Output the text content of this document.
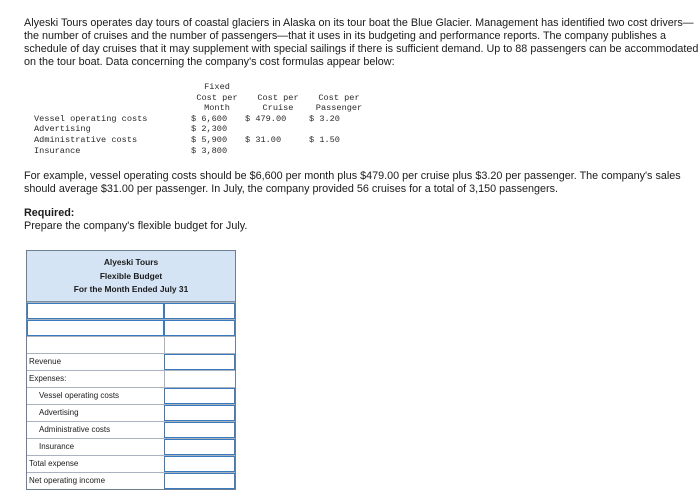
Alyeski Tours operates day tours of coastal glaciers in Alaska on its tour boat the Blue Glacier. Management has identified two cost drivers—the number of cruises and the number of passengers—that it uses in its budgeting and performance reports. The company publishes a schedule of day cruises that it may supplement with special sailings if there is sufficient demand. Up to 88 passengers can be accommodated on the tour boat. Data concerning the company's cost formulas appear below:
Fixed
Cost per	Cost per	Cost per
Month	Cruise	Passenger
Vessel operating costs	$ 6,600	$ 479.00	$ 3.20
Advertising	$ 2,300
Administrative costs	$ 5,900	$ 31.00	$ 1.50
Insurance	$ 3,800
For example, vessel operating costs should be $6,600 per month plus $479.00 per cruise plus $3.20 per passenger. The company's sales should average $31.00 per passenger. In July, the company provided 56 cruises for a total of 3,150 passengers.
Required:
Prepare the company's flexible budget for July.
Alyeski Tours
Flexible Budget
For the Month Ended July 31
Revenue
Expenses:
Vessel operating costs
Advertising
Administrative costs
Insurance
Total expense
Net operating income
